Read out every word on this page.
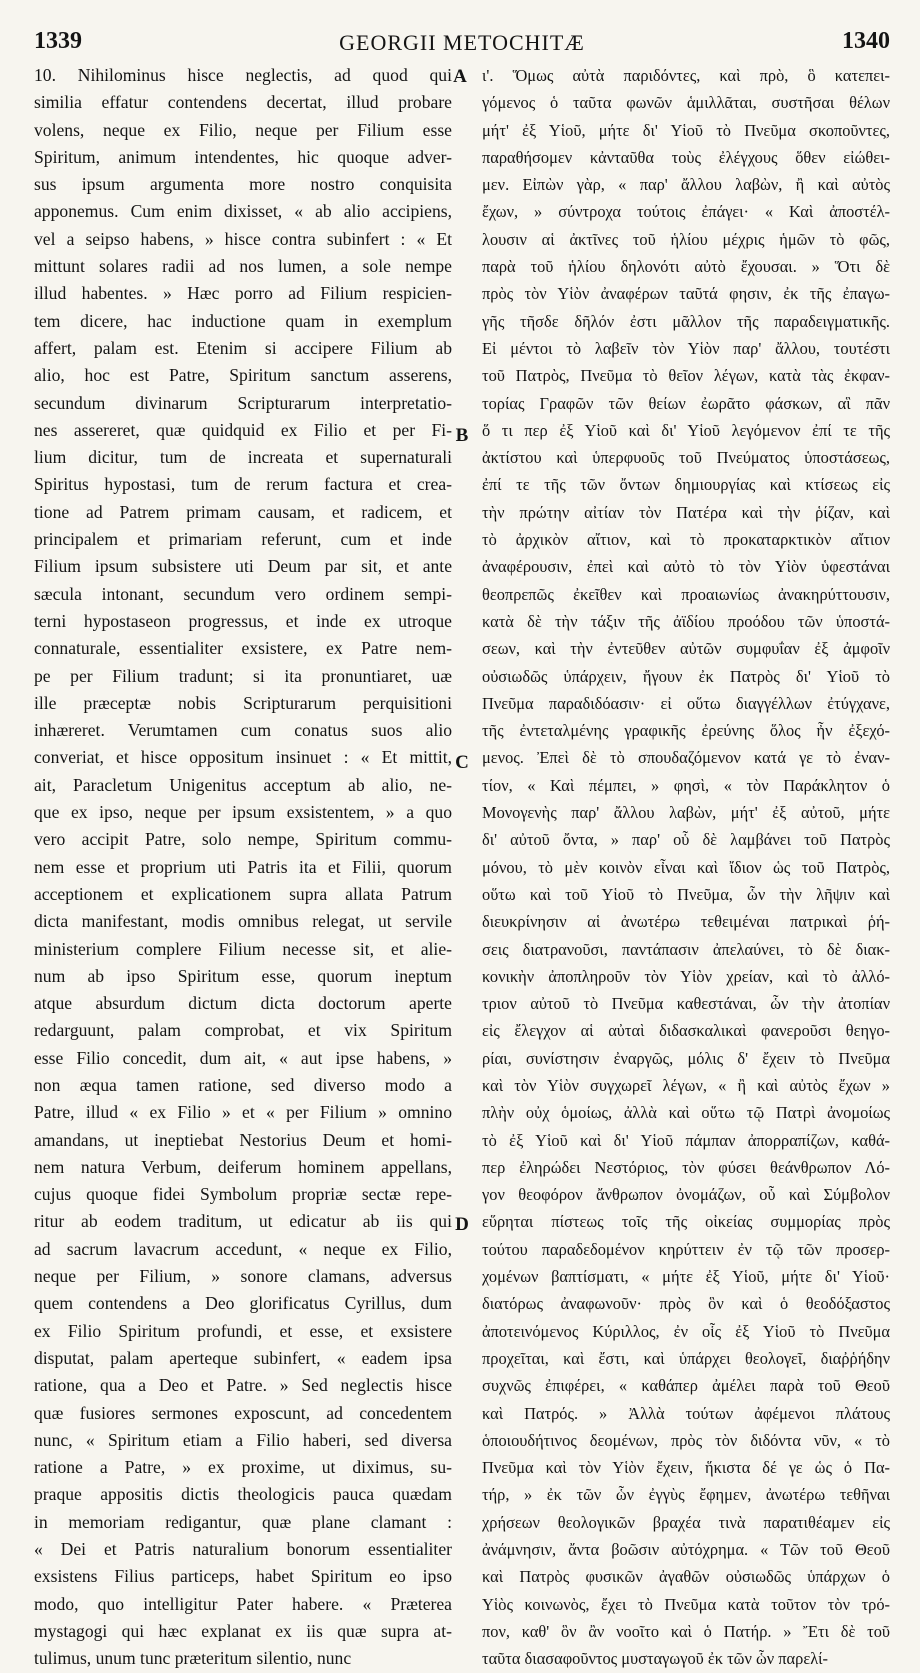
1339	GEORGII METOCHITÆ	1340
10. Nihilominus hisce neglectis, ad quod qui
similia effatur contendens decertat, illud probare
volens, neque ex Filio, neque per Filium esse
Spiritum, animum intendentes, hic quoque adver-
sus ipsum argumenta more nostro conquisita
apponemus. Cum enim dixisset, « ab alio accipiens,
vel a seipso habens, » hisce contra subinfert : « Et
mittunt solares radii ad nos lumen, a sole nempe
illud habentes. » Hæc porro ad Filium respicien-
tem dicere, hac inductione quam in exemplum
affert, palam est. Etenim si accipere Filium ab
alio, hoc est Patre, Spiritum sanctum asserens,
secundum divinarum Scripturarum interpretatio-
nes assereret, quæ quidquid ex Filio et per Fi-
lium dicitur, tum de increata et supernaturali
Spiritus hypostasi, tum de rerum factura et crea-
tione ad Patrem primam causam, et radicem, et
principalem et primariam referunt, cum et inde
Filium ipsum subsistere uti Deum par sit, et ante
sæcula intonant, secundum vero ordinem sempi-
terni hypostaseon progressus, et inde ex utroque
connaturale, essentialiter exsistere, ex Patre nem-
pe per Filium tradunt; si ita pronuntiaret, uæ
ille præceptæ nobis Scripturarum perquisitioni
inhæreret. Verumtamen cum conatus suos alio
converiat, et hisce oppositum insinuet : « Et mittit,
ait, Paracletum Unigenitus acceptum ab alio, ne-
que ex ipso, neque per ipsum exsistentem, » a quo
vero accipit Patre, solo nempe, Spiritum commu-
nem esse et proprium uti Patris ita et Filii, quorum
acceptionem et explicationem supra allata Patrum
dicta manifestant, modis omnibus relegat, ut servile
ministerium complere Filium necesse sit, et alie-
num ab ipso Spiritum esse, quorum ineptum
atque absurdum dictum dicta doctorum aperte
redarguunt, palam comprobat, et vix Spiritum
esse Filio concedit, dum ait, « aut ipse habens, »
non æqua tamen ratione, sed diverso modo a
Patre, illud « ex Filio » et « per Filium » omnino
amandans, ut ineptiebat Nestorius Deum et homi-
nem natura Verbum, deiferum hominem appellans,
cujus quoque fidei Symbolum propriæ sectæ repe-
ritur ab eodem traditum, ut edicatur ab iis qui
ad sacrum lavacrum accedunt, « neque ex Filio,
neque per Filium, » sonore clamans, adversus
quem contendens a Deo glorificatus Cyrillus, dum
ex Filio Spiritum profundi, et esse, et exsistere
disputat, palam aperteque subinfert, « eadem ipsa
ratione, qua a Deo et Patre. » Sed neglectis hisce
quæ fusiores sermones exposcunt, ad concedentem
nunc, « Spiritum etiam a Filio haberi, sed diversa
ratione a Patre, » ex proxime, ut diximus, su-
praque appositis dictis theologicis pauca quædam
in memoriam redigantur, quæ plane clamant :
« Dei et Patris naturalium bonorum essentialiter
exsistens Filius particeps, habet Spiritum eo ipso
modo, quo intelligitur Pater habere. « Præterea
mystagogi qui hæc explanat ex iis quæ supra at-
tulimus, unum tunc præteritum silentio, nunc
ι'. Ὅμως αὐτὰ παριδόντες, καὶ πρὸ, ὃ κατεπει-
γόμενος ὁ ταῦτα φωνῶν ἁμιλλᾶται, συστῆσαι θέλων
μήτ' ἐξ Υἱοῦ, μήτε δι' Υἱοῦ τὸ Πνεῦμα σκοποῦντες,
παραθήσομεν κἀνταῦθα τοὺς ἐλέγχους ὅθεν εἰώθει-
μεν. Εἰπὼν γὰρ, « παρ' ἄλλου λαβὼν, ἢ καὶ αὐτὸς
ἔχων, » σύντροχα τούτοις ἐπάγει· « Καὶ ἀποστέλ-
λουσιν αἱ ἀκτῖνες τοῦ ἡλίου μέχρις ἡμῶν τὸ φῶς,
παρὰ τοῦ ἡλίου δηλονότι αὐτὸ ἔχουσαι. » Ὅτι δὲ
πρὸς τὸν Υἱὸν ἀναφέρων ταῦτά φησιν, ἐκ τῆς ἐπαγω-
γῆς τῆσδε δῆλόν ἐστι μᾶλλον τῆς παραδειγματικῆς.
Εἰ μέντοι τὸ λαβεῖν τὸν Υἱὸν παρ' ἄλλου, τουτέστι
τοῦ Πατρὸς, Πνεῦμα τὸ θεῖον λέγων, κατὰ τὰς ἐκφαν-
τορίας Γραφῶν τῶν θείων ἐωρᾶτο φάσκων, αἳ πᾶν
ὅ τι περ ἐξ Υἱοῦ καὶ δι' Υἱοῦ λεγόμενον ἐπί τε τῆς
ἀκτίστου καὶ ὑπερφυοῦς τοῦ Πνεύματος ὑποστάσεως,
ἐπί τε τῆς τῶν ὄντων δημιουργίας καὶ κτίσεως εἰς
τὴν πρώτην αἰτίαν τὸν Πατέρα καὶ τὴν ῥίζαν, καὶ
τὸ ἀρχικὸν αἴτιον, καὶ τὸ προκαταρκτικὸν αἴτιον
ἀναφέρουσιν, ἐπεὶ καὶ αὐτὸ τὸ τὸν Υἱὸν ὑφεστάναι
θεοπρεπῶς ἐκεῖθεν καὶ προαιωνίως ἀνακηρύττουσιν,
κατὰ δὲ τὴν τάξιν τῆς ἀϊδίου προόδου τῶν ὑποστά-
σεων, καὶ τὴν ἐντεῦθεν αὐτῶν συμφυΐαν ἐξ ἀμφοῖν
οὐσιωδῶς ὑπάρχειν, ἤγουν ἐκ Πατρὸς δι' Υἱοῦ τὸ
Πνεῦμα παραδιδόασιν· εἰ οὕτω διαγγέλλων ἐτύγχανε,
τῆς ἐντεταλμένης γραφικῆς ἐρεύνης ὅλος ἦν ἐξεχό-
μενος. Ἐπεὶ δὲ τὸ σπουδαζόμενον κατά γε τὸ ἐναν-
τίον, « Καὶ πέμπει, » φησὶ, « τὸν Παράκλητον ὁ
Μονογενὴς παρ' ἄλλου λαβὼν, μήτ' ἐξ αὐτοῦ, μήτε
δι' αὐτοῦ ὄντα, » παρ' οὗ δὲ λαμβάνει τοῦ Πατρὸς
μόνου, τὸ μὲν κοινὸν εἶναι καὶ ἴδιον ὡς τοῦ Πατρὸς,
οὕτω καὶ τοῦ Υἱοῦ τὸ Πνεῦμα, ὧν τὴν λῆψιν καὶ
διευκρίνησιν αἱ ἀνωτέρω τεθειμέναι πατρικαὶ ῥή-
σεις διατρανοῦσι, παντάπασιν ἀπελαύνει, τὸ δὲ διακ-
κονικὴν ἀποπληροῦν τὸν Υἱὸν χρείαν, καὶ τὸ ἀλλό-
τριον αὐτοῦ τὸ Πνεῦμα καθεστάναι, ὧν τὴν ἀτοπίαν
εἰς ἔλεγχον αἱ αὐταὶ διδασκαλικαὶ φανεροῦσι θεηγο-
ρίαι, συνίστησιν ἐναργῶς, μόλις δ' ἔχειν τὸ Πνεῦμα
καὶ τὸν Υἱὸν συγχωρεῖ λέγων, « ἢ καὶ αὐτὸς ἔχων »
πλὴν οὐχ ὁμοίως, ἀλλὰ καὶ οὕτω τῷ Πατρὶ ἀνομοίως
τὸ ἐξ Υἱοῦ καὶ δι' Υἱοῦ πάμπαν ἀπορραπίζων, καθά-
περ ἐληρώδει Νεστόριος, τὸν φύσει θεάνθρωπον Λό-
γον θεοφόρον ἄνθρωπον ὀνομάζων, οὗ καὶ Σύμβολον
εὕρηται πίστεως τοῖς τῆς οἰκείας συμμορίας πρὸς
τούτου παραδεδομένον κηρύττειν ἐν τῷ τῶν προσερ-
χομένων βαπτίσματι, « μήτε ἐξ Υἱοῦ, μήτε δι' Υἱοῦ·
διατόρως ἀναφωνοῦν· πρὸς ὃν καὶ ὁ θεοδόξαστος
ἀποτεινόμενος Κύριλλος, ἐν οἷς ἐξ Υἱοῦ τὸ Πνεῦμα
προχεῖται, καὶ ἔστι, καὶ ὑπάρχει θεολογεῖ, διαῤῥήδην
συχνῶς ἐπιφέρει, « καθάπερ ἀμέλει παρὰ τοῦ Θεοῦ
καὶ Πατρός. » Ἀλλὰ τούτων ἀφέμενοι πλάτους
ὁποιουδήτινος δεομένων, πρὸς τὸν διδόντα νῦν, « τὸ
Πνεῦμα καὶ τὸν Υἱὸν ἔχειν, ἥκιστα δέ γε ὡς ὁ Πα-
τήρ, » ἐκ τῶν ὧν ἐγγὺς ἔφημεν, ἀνωτέρω τεθῆναι
χρήσεων θεολογικῶν βραχέα τινὰ παρατιθέαμεν εἰς
ἀνάμνησιν, ἄντα βοῶσιν αὐτόχρημα. « Τῶν τοῦ Θεοῦ
καὶ Πατρὸς φυσικῶν ἀγαθῶν οὐσιωδῶς ὑπάρχων ὁ
Υἱὸς κοινωνὸς, ἔχει τὸ Πνεῦμα κατὰ τοῦτον τὸν τρό-
πον, καθ' ὃν ἂν νοοῖτο καὶ ὁ Πατήρ. » Ἔτι δὲ τοῦ
ταῦτα διασαφοῦντος μυσταγωγοῦ ἐκ τῶν ὧν παρελί-
A
B
C
D
